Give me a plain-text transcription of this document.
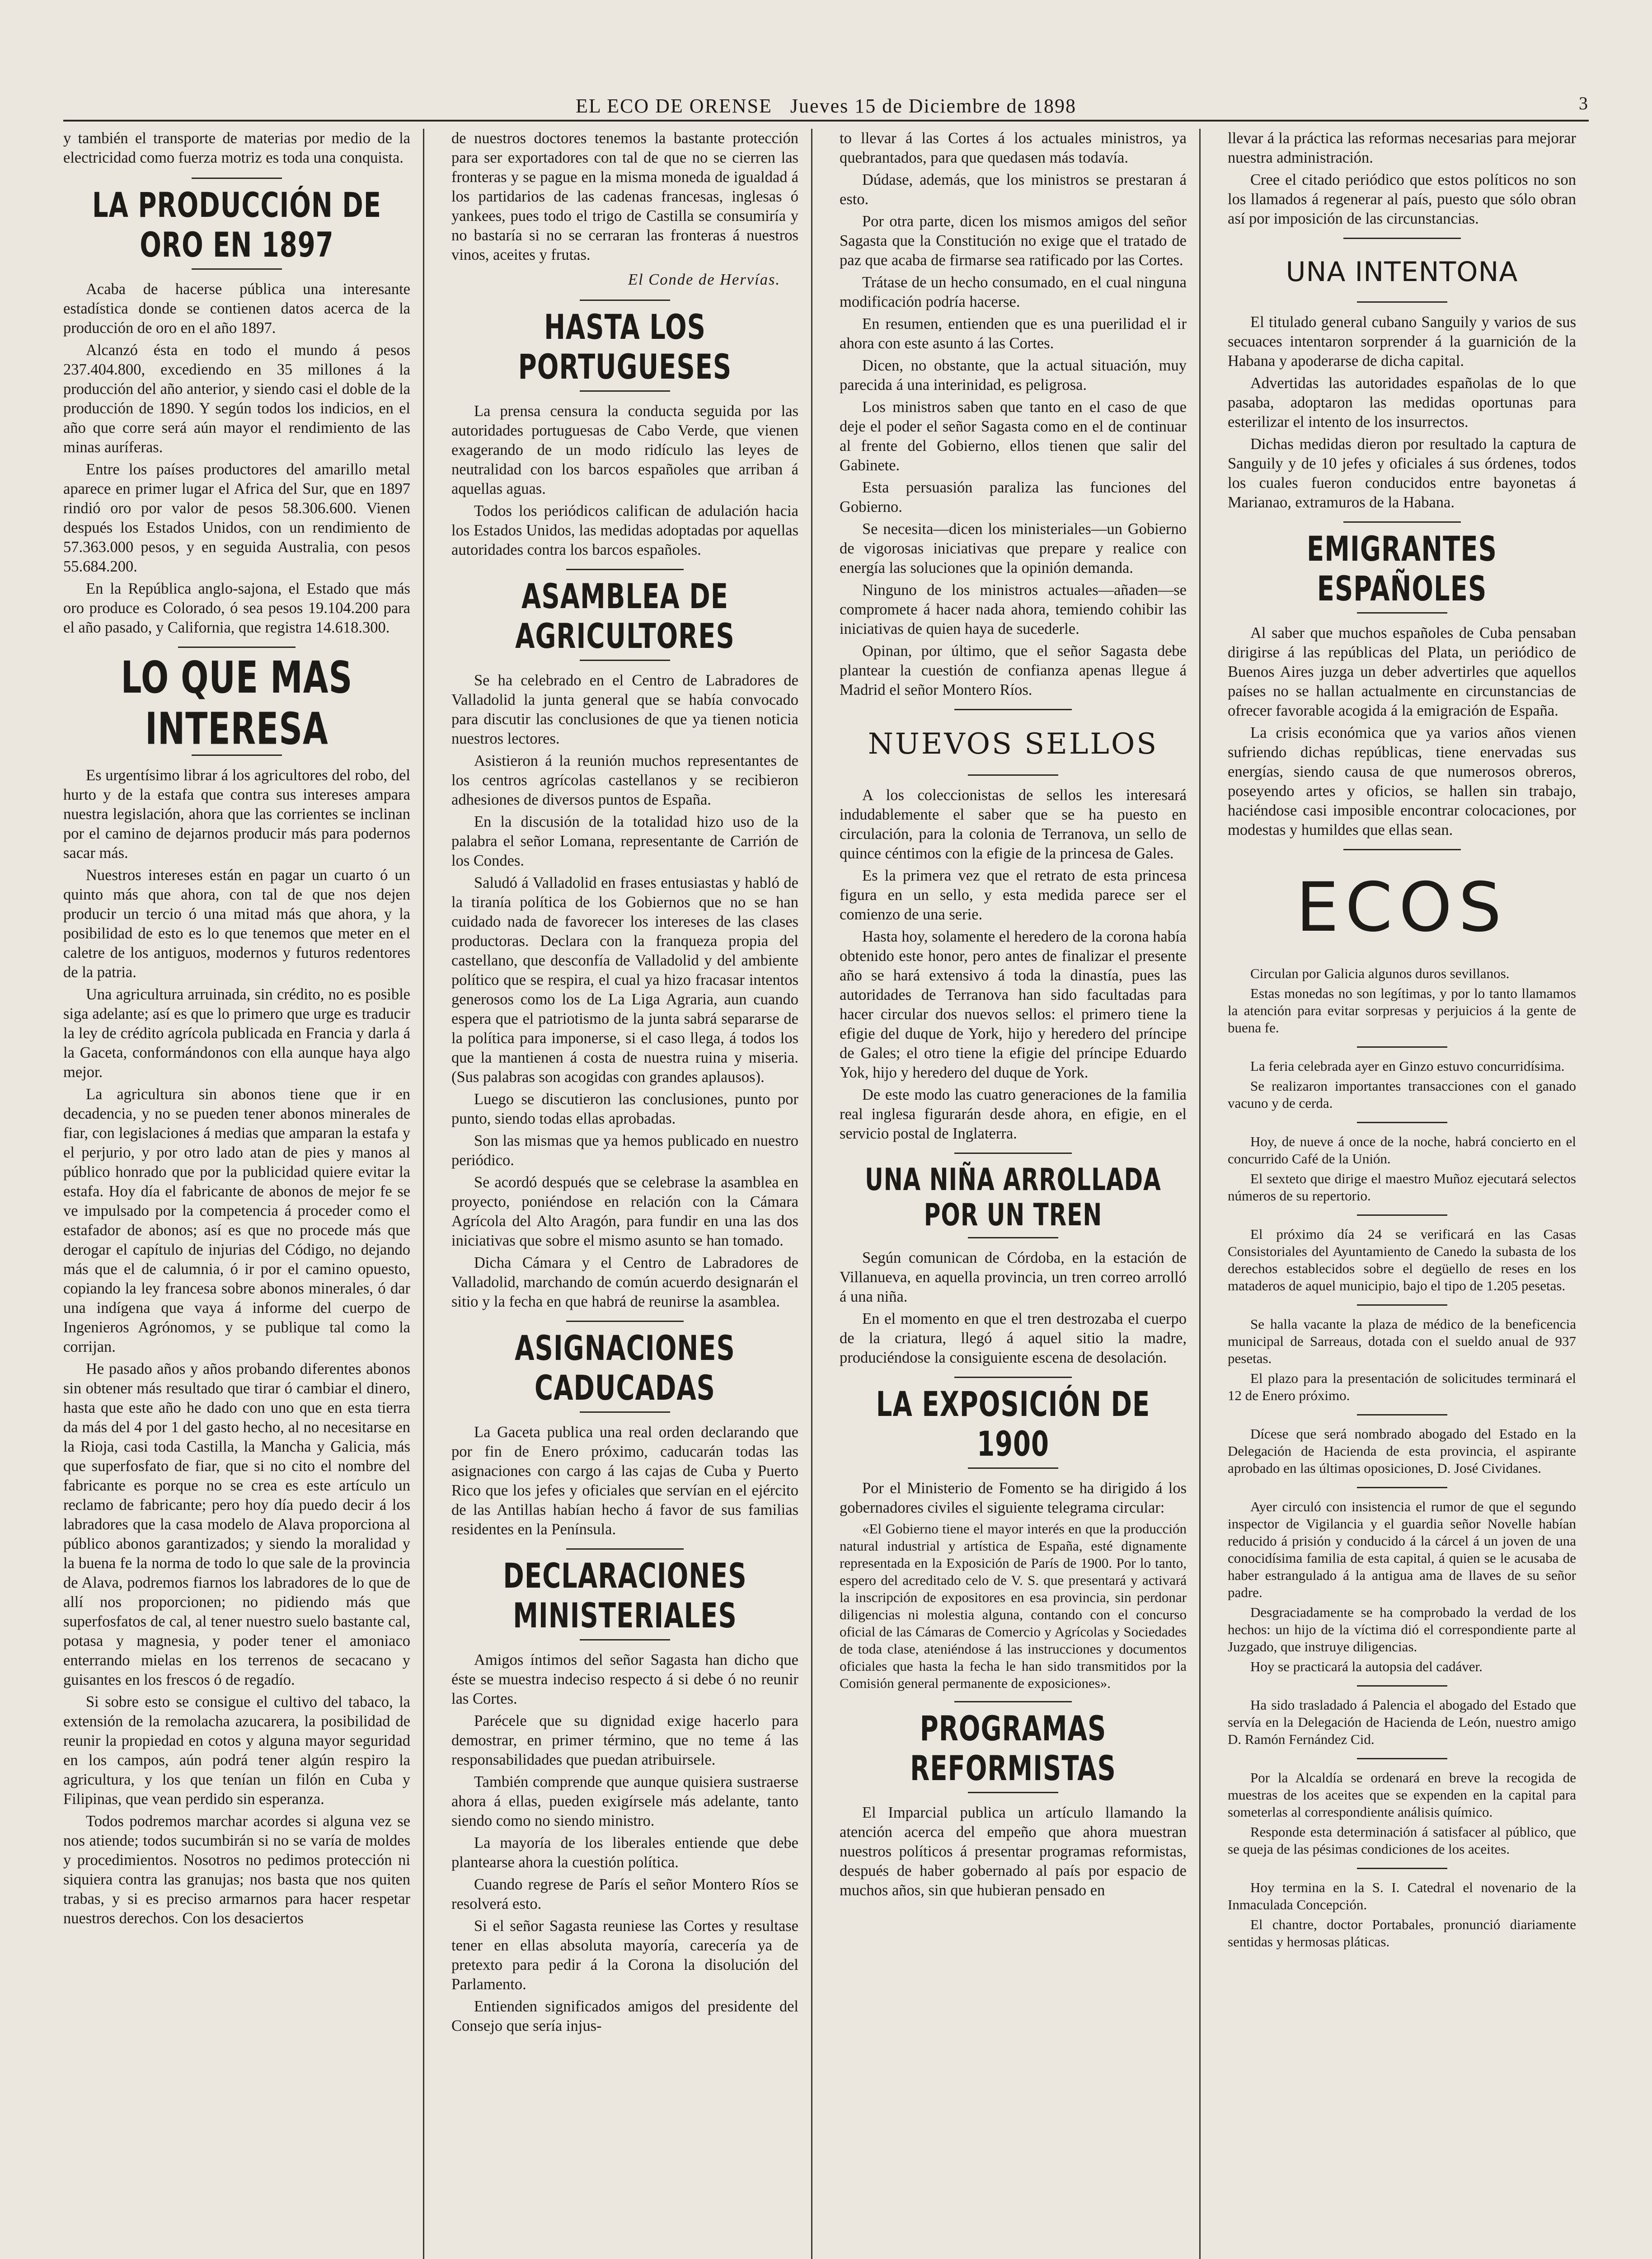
EL ECO DE ORENSE Jueves 15 de Diciembre de 1898	3

y también el transporte de materias por medio de la electricidad como fuerza motriz es toda una conquista.

LA PRODUCCIÓN DE ORO EN 1897

Acaba de hacerse pública una interesante estadística donde se contienen datos acerca de la producción de oro en el año 1897.

Alcanzó ésta en todo el mundo á pesos 237.404.800, excediendo en 35 millones á la producción del año anterior, y siendo casi el doble de la producción de 1890. Y según todos los indicios, en el año que corre será aún mayor el rendimiento de las minas auríferas.

Entre los países productores del amarillo metal aparece en primer lugar el Africa del Sur, que en 1897 rindió oro por valor de pesos 58.306.600. Vienen después los Estados Unidos, con un rendimiento de 57.363.000 pesos, y en seguida Australia, con pesos 55.684.200.

En la República anglo-sajona, el Estado que más oro produce es Colorado, ó sea pesos 19.104.200 para el año pasado, y California, que registra 14.618.300.

LO QUE MAS INTERESA

Es urgentísimo librar á los agricultores del robo, del hurto y de la estafa que contra sus intereses ampara nuestra legislación, ahora que las corrientes se inclinan por el camino de dejarnos producir más para podernos sacar más.

Nuestros intereses están en pagar un cuarto ó un quinto más que ahora, con tal de que nos dejen producir un tercio ó una mitad más que ahora, y la posibilidad de esto es lo que tenemos que meter en el caletre de los antiguos, modernos y futuros redentores de la patria.

Una agricultura arruinada, sin crédito, no es posible siga adelante; así es que lo primero que urge es traducir la ley de crédito agrícola publicada en Francia y darla á la Gaceta, conformándonos con ella aunque haya algo mejor.

La agricultura sin abonos tiene que ir en decadencia, y no se pueden tener abonos minerales de fiar, con legislaciones á medias que amparan la estafa y el perjurio, y por otro lado atan de pies y manos al público honrado que por la publicidad quiere evitar la estafa. Hoy día el fabricante de abonos de mejor fe se ve impulsado por la competencia á proceder como el estafador de abonos; así es que no procede más que derogar el capítulo de injurias del Código, no dejando más que el de calumnia, ó ir por el camino opuesto, copiando la ley francesa sobre abonos minerales, ó dar una indígena que vaya á informe del cuerpo de Ingenieros Agrónomos, y se publique tal como la corrijan.

He pasado años y años probando diferentes abonos sin obtener más resultado que tirar ó cambiar el dinero, hasta que este año he dado con uno que en esta tierra da más del 4 por 1 del gasto hecho, al no necesitarse en la Rioja, casi toda Castilla, la Mancha y Galicia, más que superfosfato de fiar, que si no cito el nombre del fabricante es porque no se crea es este artículo un reclamo de fabricante; pero hoy día puedo decir á los labradores que la casa modelo de Alava proporciona al público abonos garantizados; y siendo la moralidad y la buena fe la norma de todo lo que sale de la provincia de Alava, podremos fiarnos los labradores de lo que de allí nos proporcionen; no pidiendo más que superfosfatos de cal, al tener nuestro suelo bastante cal, potasa y magnesia, y poder tener el amoniaco enterrando mielas en los terrenos de secacano y guisantes en los frescos ó de regadío.

Si sobre esto se consigue el cultivo del tabaco, la extensión de la remolacha azucarera, la posibilidad de reunir la propiedad en cotos y alguna mayor seguridad en los campos, aún podrá tener algún respiro la agricultura, y los que tenían un filón en Cuba y Filipinas, que vean perdido sin esperanza.

Todos podremos marchar acordes si alguna vez se nos atiende; todos sucumbirán si no se varía de moldes y procedimientos. Nosotros no pedimos protección ni siquiera contra las granujas; nos basta que nos quiten trabas, y si es preciso armarnos para hacer respetar nuestros derechos. Con los desaciertos

de nuestros doctores tenemos la bastante protección para ser exportadores con tal de que no se cierren las fronteras y se pague en la misma moneda de igualdad á los partidarios de las cadenas francesas, inglesas ó yankees, pues todo el trigo de Castilla se consumiría y no bastaría si no se cerraran las fronteras á nuestros vinos, aceites y frutas.

El Conde de Hervías.

HASTA LOS PORTUGUESES

La prensa censura la conducta seguida por las autoridades portuguesas de Cabo Verde, que vienen exagerando de un modo ridículo las leyes de neutralidad con los barcos españoles que arriban á aquellas aguas.

Todos los periódicos califican de adulación hacia los Estados Unidos, las medidas adoptadas por aquellas autoridades contra los barcos españoles.

ASAMBLEA DE AGRICULTORES

Se ha celebrado en el Centro de Labradores de Valladolid la junta general que se había convocado para discutir las conclusiones de que ya tienen noticia nuestros lectores.

Asistieron á la reunión muchos representantes de los centros agrícolas castellanos y se recibieron adhesiones de diversos puntos de España.

En la discusión de la totalidad hizo uso de la palabra el señor Lomana, representante de Carrión de los Condes.

Saludó á Valladolid en frases entusiastas y habló de la tiranía política de los Gobiernos que no se han cuidado nada de favorecer los intereses de las clases productoras. Declara con la franqueza propia del castellano, que desconfía de Valladolid y del ambiente político que se respira, el cual ya hizo fracasar intentos generosos como los de La Liga Agraria, aun cuando espera que el patriotismo de la junta sabrá separarse de la política para imponerse, si el caso llega, á todos los que la mantienen á costa de nuestra ruina y miseria. (Sus palabras son acogidas con grandes aplausos).

Luego se discutieron las conclusiones, punto por punto, siendo todas ellas aprobadas.

Son las mismas que ya hemos publicado en nuestro periódico.

Se acordó después que se celebrase la asamblea en proyecto, poniéndose en relación con la Cámara Agrícola del Alto Aragón, para fundir en una las dos iniciativas que sobre el mismo asunto se han tomado.

Dicha Cámara y el Centro de Labradores de Valladolid, marchando de común acuerdo designarán el sitio y la fecha en que habrá de reunirse la asamblea.

ASIGNACIONES CADUCADAS

La Gaceta publica una real orden declarando que por fin de Enero próximo, caducarán todas las asignaciones con cargo á las cajas de Cuba y Puerto Rico que los jefes y oficiales que servían en el ejército de las Antillas habían hecho á favor de sus familias residentes en la Península.

DECLARACIONES MINISTERIALES

Amigos íntimos del señor Sagasta han dicho que éste se muestra indeciso respecto á si debe ó no reunir las Cortes.

Parécele que su dignidad exige hacerlo para demostrar, en primer término, que no teme á las responsabilidades que puedan atribuirsele.

También comprende que aunque quisiera sustraerse ahora á ellas, pueden exigírsele más adelante, tanto siendo como no siendo ministro.

La mayoría de los liberales entiende que debe plantearse ahora la cuestión política.

Cuando regrese de París el señor Montero Ríos se resolverá esto.

Si el señor Sagasta reuniese las Cortes y resultase tener en ellas absoluta mayoría, carecería ya de pretexto para pedir á la Corona la disolución del Parlamento.

Entienden significados amigos del presidente del Consejo que sería injus-

to llevar á las Cortes á los actuales ministros, ya quebrantados, para que quedasen más todavía.

Dúdase, además, que los ministros se prestaran á esto.

Por otra parte, dicen los mismos amigos del señor Sagasta que la Constitución no exige que el tratado de paz que acaba de firmarse sea ratificado por las Cortes.

Trátase de un hecho consumado, en el cual ninguna modificación podría hacerse.

En resumen, entienden que es una puerilidad el ir ahora con este asunto á las Cortes.

Dicen, no obstante, que la actual situación, muy parecida á una interinidad, es peligrosa.

Los ministros saben que tanto en el caso de que deje el poder el señor Sagasta como en el de continuar al frente del Gobierno, ellos tienen que salir del Gabinete.

Esta persuasión paraliza las funciones del Gobierno.

Se necesita—dicen los ministeriales—un Gobierno de vigorosas iniciativas que prepare y realice con energía las soluciones que la opinión demanda.

Ninguno de los ministros actuales—añaden—se compromete á hacer nada ahora, temiendo cohibir las iniciativas de quien haya de sucederle.

Opinan, por último, que el señor Sagasta debe plantear la cuestión de confianza apenas llegue á Madrid el señor Montero Ríos.

NUEVOS SELLOS

A los coleccionistas de sellos les interesará indudablemente el saber que se ha puesto en circulación, para la colonia de Terranova, un sello de quince céntimos con la efigie de la princesa de Gales.

Es la primera vez que el retrato de esta princesa figura en un sello, y esta medida parece ser el comienzo de una serie.

Hasta hoy, solamente el heredero de la corona había obtenido este honor, pero antes de finalizar el presente año se hará extensivo á toda la dinastía, pues las autoridades de Terranova han sido facultadas para hacer circular dos nuevos sellos: el primero tiene la efigie del duque de York, hijo y heredero del príncipe de Gales; el otro tiene la efigie del príncipe Eduardo Yok, hijo y heredero del duque de York.

De este modo las cuatro generaciones de la familia real inglesa figurarán desde ahora, en efigie, en el servicio postal de Inglaterra.

UNA NIÑA ARROLLADA POR UN TREN

Según comunican de Córdoba, en la estación de Villanueva, en aquella provincia, un tren correo arrolló á una niña.

En el momento en que el tren destrozaba el cuerpo de la criatura, llegó á aquel sitio la madre, produciéndose la consiguiente escena de desolación.

LA EXPOSICIÓN DE 1900

Por el Ministerio de Fomento se ha dirigido á los gobernadores civiles el siguiente telegrama circular:

«El Gobierno tiene el mayor interés en que la producción natural industrial y artística de España, esté dignamente representada en la Exposición de París de 1900. Por lo tanto, espero del acreditado celo de V. S. que presentará y activará la inscripción de expositores en esa provincia, sin perdonar diligencias ni molestia alguna, contando con el concurso oficial de las Cámaras de Comercio y Agrícolas y Sociedades de toda clase, ateniéndose á las instrucciones y documentos oficiales que hasta la fecha le han sido transmitidos por la Comisión general permanente de exposiciones».

PROGRAMAS REFORMISTAS

El Imparcial publica un artículo llamando la atención acerca del empeño que ahora muestran nuestros políticos á presentar programas reformistas, después de haber gobernado al país por espacio de muchos años, sin que hubieran pensado en

llevar á la práctica las reformas necesarias para mejorar nuestra administración.

Cree el citado periódico que estos políticos no son los llamados á regenerar al país, puesto que sólo obran así por imposición de las circunstancias.

UNA INTENTONA

El titulado general cubano Sanguily y varios de sus secuaces intentaron sorprender á la guarnición de la Habana y apoderarse de dicha capital.

Advertidas las autoridades españolas de lo que pasaba, adoptaron las medidas oportunas para esterilizar el intento de los insurrectos.

Dichas medidas dieron por resultado la captura de Sanguily y de 10 jefes y oficiales á sus órdenes, todos los cuales fueron conducidos entre bayonetas á Marianao, extramuros de la Habana.

EMIGRANTES ESPAÑOLES

Al saber que muchos españoles de Cuba pensaban dirigirse á las repúblicas del Plata, un periódico de Buenos Aires juzga un deber advertirles que aquellos países no se hallan actualmente en circunstancias de ofrecer favorable acogida á la emigración de España.

La crisis económica que ya varios años vienen sufriendo dichas repúblicas, tiene enervadas sus energías, siendo causa de que numerosos obreros, poseyendo artes y oficios, se hallen sin trabajo, haciéndose casi imposible encontrar colocaciones, por modestas y humildes que ellas sean.

ECOS

Circulan por Galicia algunos duros sevillanos.

Estas monedas no son legítimas, y por lo tanto llamamos la atención para evitar sorpresas y perjuicios á la gente de buena fe.

La feria celebrada ayer en Ginzo estuvo concurridísima.

Se realizaron importantes transacciones con el ganado vacuno y de cerda.

Hoy, de nueve á once de la noche, habrá concierto en el concurrido Café de la Unión.

El sexteto que dirige el maestro Muñoz ejecutará selectos números de su repertorio.

El próximo día 24 se verificará en las Casas Consistoriales del Ayuntamiento de Canedo la subasta de los derechos establecidos sobre el degüello de reses en los mataderos de aquel municipio, bajo el tipo de 1.205 pesetas.

Se halla vacante la plaza de médico de la beneficencia municipal de Sarreaus, dotada con el sueldo anual de 937 pesetas.

El plazo para la presentación de solicitudes terminará el 12 de Enero próximo.

Dícese que será nombrado abogado del Estado en la Delegación de Hacienda de esta provincia, el aspirante aprobado en las últimas oposiciones, D. José Cividanes.

Ayer circuló con insistencia el rumor de que el segundo inspector de Vigilancia y el guardia señor Novelle habían reducido á prisión y conducido á la cárcel á un joven de una conocidísima familia de esta capital, á quien se le acusaba de haber estrangulado á la antigua ama de llaves de su señor padre.

Desgraciadamente se ha comprobado la verdad de los hechos: un hijo de la víctima dió el correspondiente parte al Juzgado, que instruye diligencias.

Hoy se practicará la autopsia del cadáver.

Ha sido trasladado á Palencia el abogado del Estado que servía en la Delegación de Hacienda de León, nuestro amigo D. Ramón Fernández Cid.

Por la Alcaldía se ordenará en breve la recogida de muestras de los aceites que se expenden en la capital para someterlas al correspondiente análisis químico.

Responde esta determinación á satisfacer al público, que se queja de las pésimas condiciones de los aceites.

Hoy termina en la S. I. Catedral el novenario de la Inmaculada Concepción.

El chantre, doctor Portabales, pronunció diariamente sentidas y hermosas pláticas.
